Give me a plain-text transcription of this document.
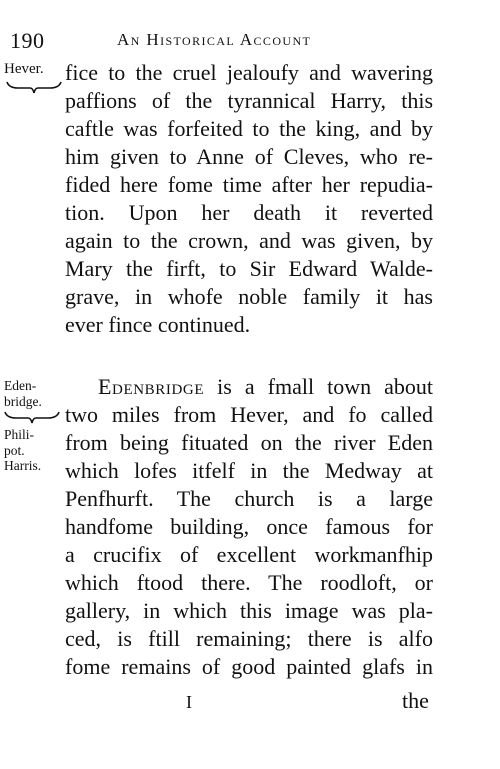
190	An Historical Account
Hever. fice to the cruel jealoufy and wavering
paffions of the tyrannical Harry, this
caftle was forfeited to the king, and by
him given to Anne of Cleves, who re-
fided here fome time after her repudia-
tion. Upon her death it reverted
again to the crown, and was given, by
Mary the firft, to Sir Edward Walde-
grave, in whofe noble family it has
ever fince continued.
Eden-
bridge.
Phili-
pot.
Harris.
Edenbridge is a fmall town about
two miles from Hever, and fo called
from being fituated on the river Eden
which lofes itfelf in the Medway at
Penfhurft. The church is a large
handfome building, once famous for
a crucifix of excellent workmanfhip
which ftood there. The roodloft, or
gallery, in which this image was pla-
ced, is ftill remaining; there is alfo
fome remains of good painted glafs in
I	the
